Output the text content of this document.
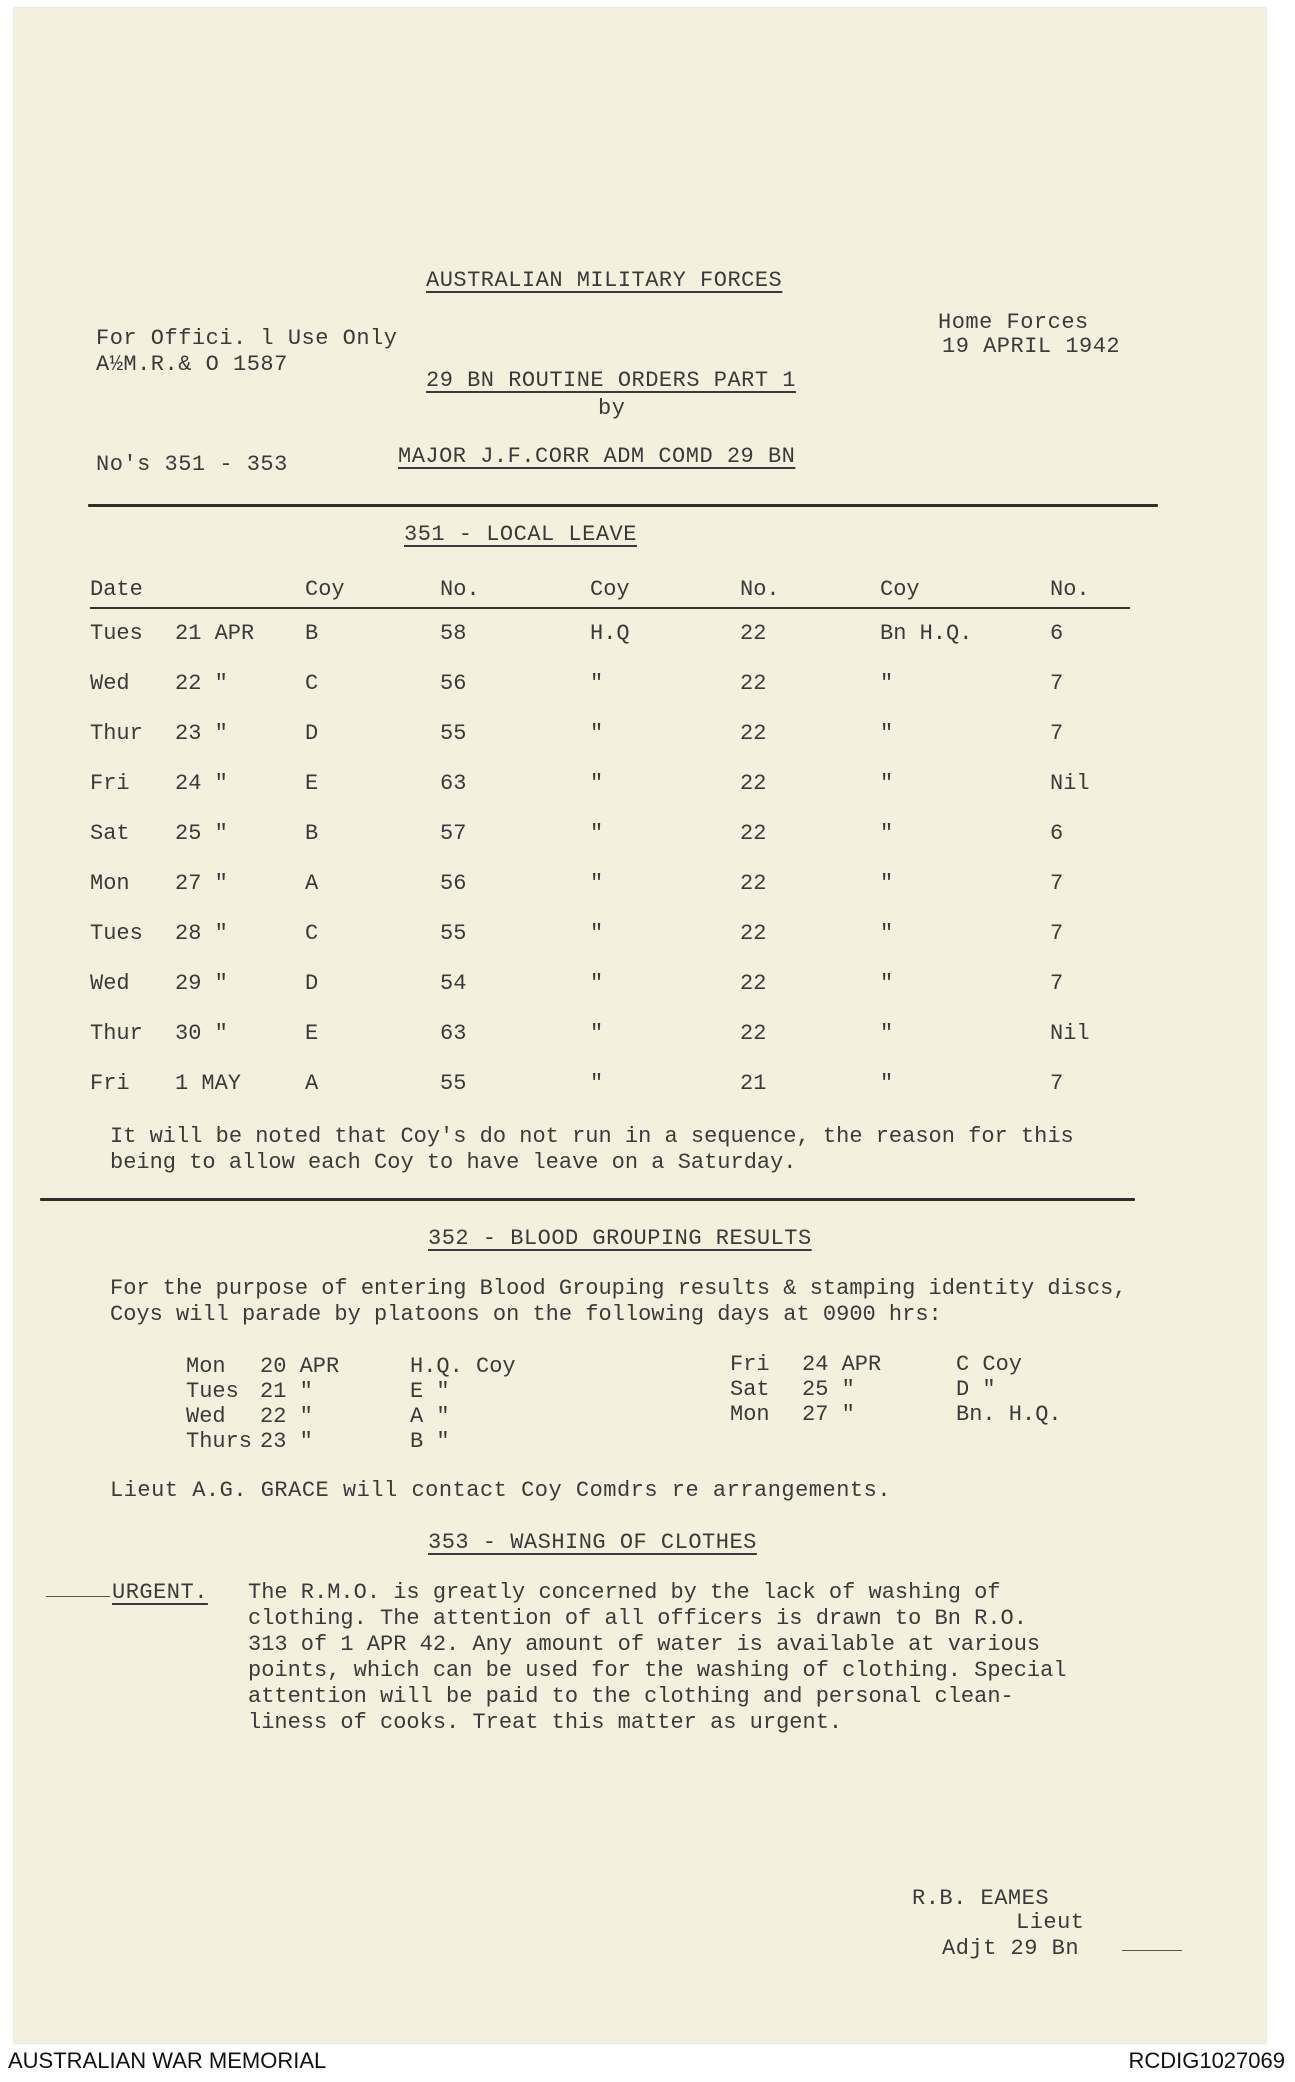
AUSTRALIAN MILITARY FORCES
For Offici. l Use Only
A½M.R.& O 1587
Home Forces
19 APRIL 1942
29 BN ROUTINE ORDERS PART 1
by
No's 351 - 353	MAJOR J.F.CORR ADM COMD 29 BN
351 - LOCAL LEAVE
Date		Coy	No.	Coy	No.	Coy	No.
Tues	21 APR	B	58	H.Q	22	Bn H.Q.	6
Wed	22 "	C	56	"	22	"	7
Thur	23 "	D	55	"	22	"	7
Fri	24 "	E	63	"	22	"	Nil
Sat	25 "	B	57	"	22	"	6
Mon	27 "	A	56	"	22	"	7
Tues	28 "	C	55	"	22	"	7
Wed	29 "	D	54	"	22	"	7
Thur	30 "	E	63	"	22	"	Nil
Fri	1 MAY	A	55	"	21	"	7
It will be noted that Coy's do not run in a sequence, the reason for this being to allow each Coy to have leave on a Saturday.
352 - BLOOD GROUPING RESULTS
For the purpose of entering Blood Grouping results & stamping identity discs, Coys will parade by platoons on the following days at 0900 hrs:
Mon	20 APR	H.Q. Coy
Tues	21 "	E "
Wed	22 "	A "
Thurs	23 "	B "
Fri	24 APR	C Coy
Sat	25 "	D "
Mon	27 "	Bn. H.Q.
Lieut A.G. GRACE will contact Coy Comdrs re arrangements.
353 - WASHING OF CLOTHES
URGENT. The R.M.O. is greatly concerned by the lack of washing of
clothing. The attention of all officers is drawn to Bn R.O.
313 of 1 APR 42. Any amount of water is available at various
points, which can be used for the washing of clothing. Special
attention will be paid to the clothing and personal clean-
liness of cooks. Treat this matter as urgent.
R.B. EAMES
Lieut
Adjt 29 Bn
AUSTRALIAN WAR MEMORIAL	RCDIG1027069
